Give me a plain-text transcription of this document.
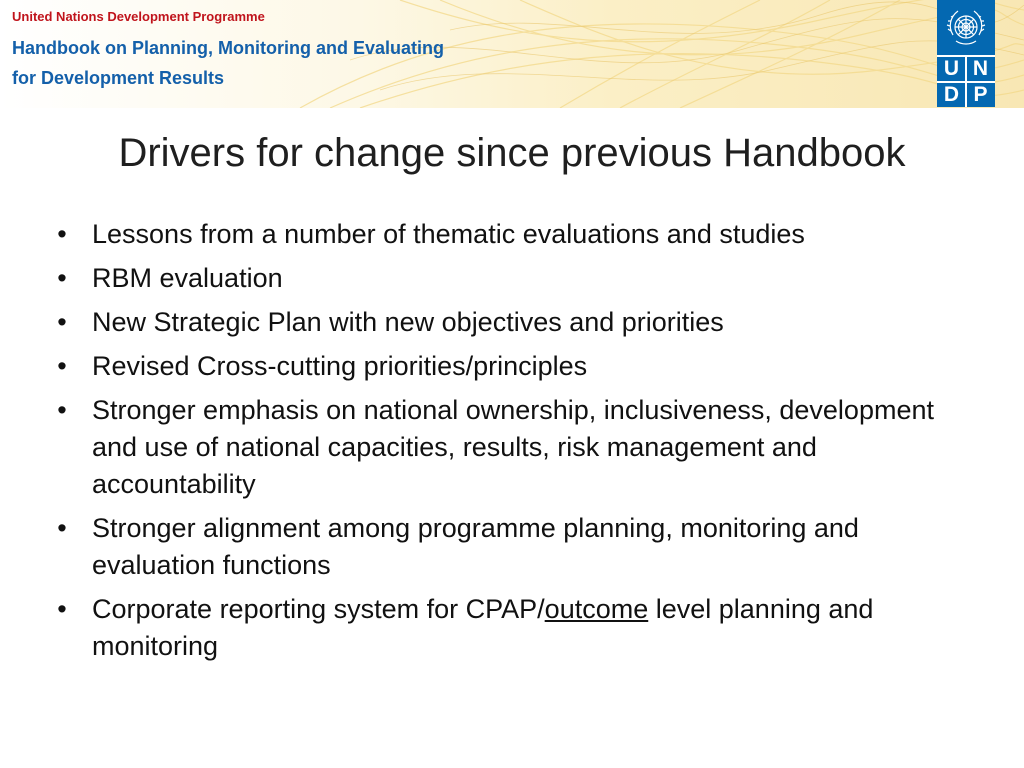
United Nations Development Programme
Handbook on Planning, Monitoring and Evaluating
for Development Results	U N
D P
Drivers for change since previous Handbook
• Lessons from a number of thematic evaluations and studies
• RBM evaluation
• New Strategic Plan with new objectives and priorities
• Revised Cross-cutting priorities/principles
• Stronger emphasis on national ownership, inclusiveness, development and use of national capacities, results, risk management and accountability
• Stronger alignment among programme planning, monitoring and evaluation functions
• Corporate reporting system for CPAP/outcome level planning and monitoring
